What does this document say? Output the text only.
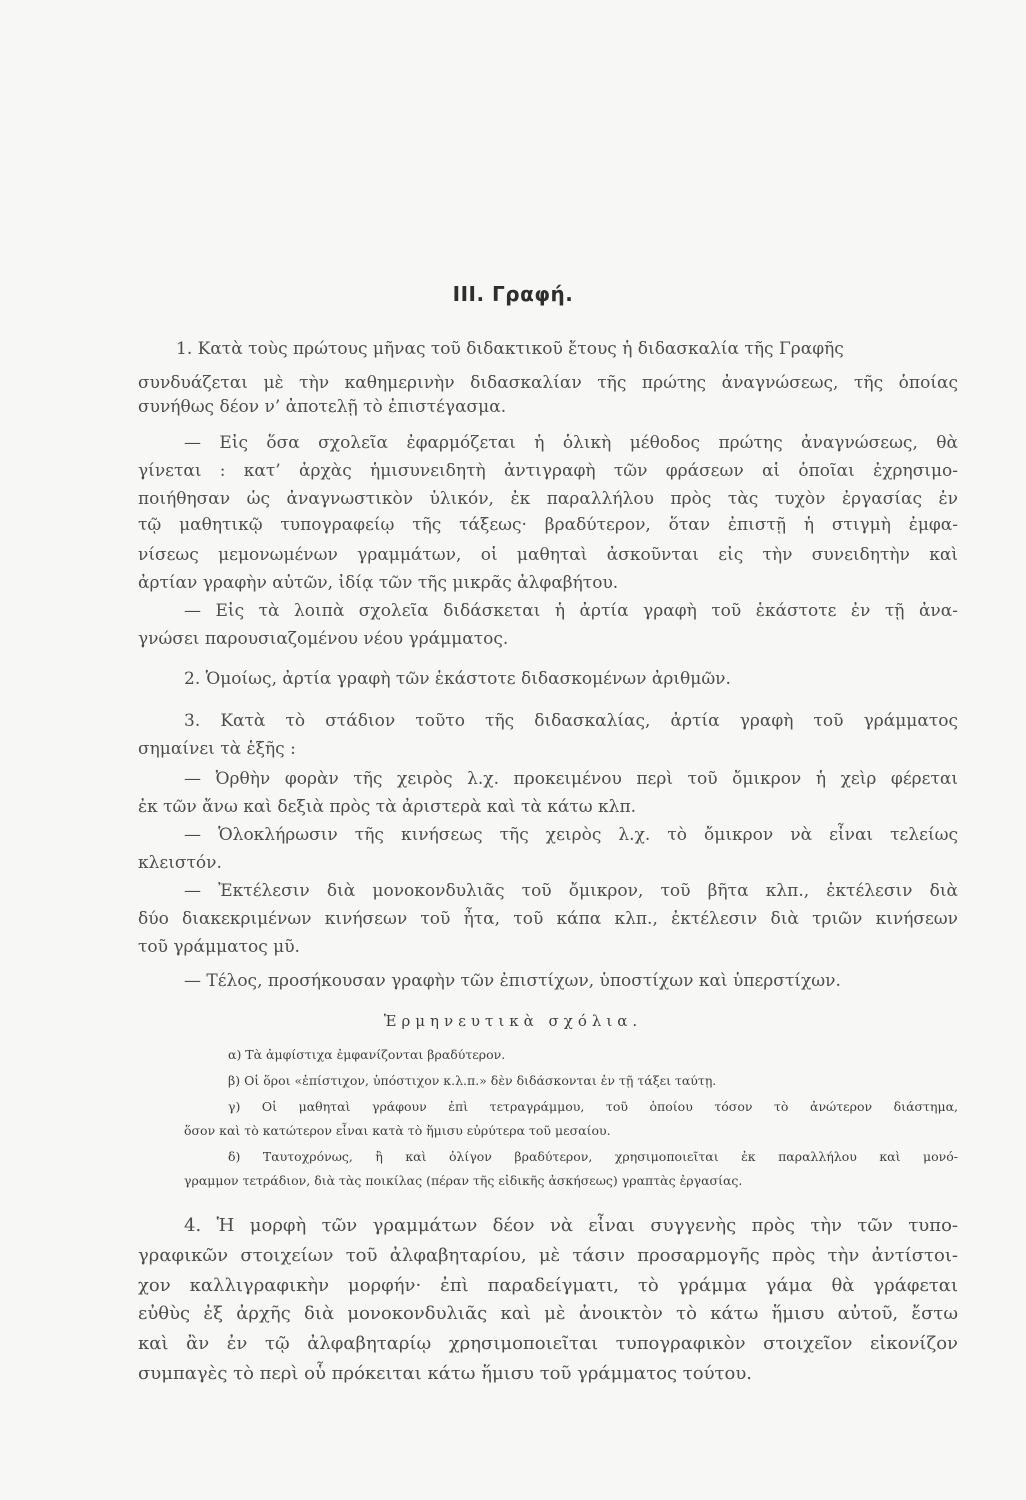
III. Γραφή.
1. Κατὰ τοὺς πρώτους μῆνας τοῦ διδακτικοῦ ἔτους ἡ διδασκαλία τῆς Γραφῆς
συνδυάζεται μὲ τὴν καθημερινὴν διδασκαλίαν τῆς πρώτης ἀναγνώσεως, τῆς ὁποίας
συνήθως δέον ν’ ἀποτελῇ τὸ ἐπιστέγασμα.
— Εἰς ὅσα σχολεῖα ἐφαρμόζεται ἡ ὁλικὴ μέθοδος πρώτης ἀναγνώσεως, θὰ
γίνεται : κατ’ ἀρχὰς ἡμισυνειδητὴ ἀντιγραφὴ τῶν φράσεων αἱ ὁποῖαι ἐχρησιμο-
ποιήθησαν ὡς ἀναγνωστικὸν ὑλικόν, ἐκ παραλλήλου πρὸς τὰς τυχὸν ἐργασίας ἐν
τῷ μαθητικῷ τυπογραφείῳ τῆς τάξεως· βραδύτερον, ὅταν ἐπιστῇ ἡ στιγμὴ ἐμφα-
νίσεως μεμονωμένων γραμμάτων, οἱ μαθηταὶ ἀσκοῦνται εἰς τὴν συνειδητὴν καὶ
ἀρτίαν γραφὴν αὐτῶν, ἰδίᾳ τῶν τῆς μικρᾶς ἀλφαβήτου.
— Εἰς τὰ λοιπὰ σχολεῖα διδάσκεται ἡ ἀρτία γραφὴ τοῦ ἑκάστοτε ἐν τῇ ἀνα-
γνώσει παρουσιαζομένου νέου γράμματος.
2. Ὁμοίως, ἀρτία γραφὴ τῶν ἑκάστοτε διδασκομένων ἀριθμῶν.
3. Κατὰ τὸ στάδιον τοῦτο τῆς διδασκαλίας, ἀρτία γραφὴ τοῦ γράμματος
σημαίνει τὰ ἑξῆς :
— Ὀρθὴν φορὰν τῆς χειρὸς λ.χ. προκειμένου περὶ τοῦ ὄμικρον ἡ χεὶρ φέρεται
ἐκ τῶν ἄνω καὶ δεξιὰ πρὸς τὰ ἀριστερὰ καὶ τὰ κάτω κλπ.
— Ὁλοκλήρωσιν τῆς κινήσεως τῆς χειρὸς λ.χ. τὸ ὄμικρον νὰ εἶναι τελείως
κλειστόν.
— Ἐκτέλεσιν διὰ μονοκονδυλιᾶς τοῦ ὄμικρον, τοῦ βῆτα κλπ., ἐκτέλεσιν διὰ
δύο διακεκριμένων κινήσεων τοῦ ἦτα, τοῦ κάπα κλπ., ἐκτέλεσιν διὰ τριῶν κινήσεων
τοῦ γράμματος μῦ.
— Τέλος, προσήκουσαν γραφὴν τῶν ἐπιστίχων, ὑποστίχων καὶ ὑπερστίχων.
Ἑρμηνευτικὰ σχόλια.
α) Τὰ ἀμφίστιχα ἐμφανίζονται βραδύτερον.
β) Οἱ ὅροι «ἐπίστιχον, ὑπόστιχον κ.λ.π.» δὲν διδάσκονται ἐν τῇ τάξει ταύτῃ.
γ) Οἱ μαθηταὶ γράφουν ἐπὶ τετραγράμμου, τοῦ ὁποίου τόσον τὸ ἀνώτερον διάστημα,
ὅσον καὶ τὸ κατώτερον εἶναι κατὰ τὸ ἥμισυ εὐρύτερα τοῦ μεσαίου.
δ) Ταυτοχρόνως, ἢ καὶ ὀλίγον βραδύτερον, χρησιμοποιεῖται ἐκ παραλλήλου καὶ μονό-
γραμμον τετράδιον, διὰ τὰς ποικίλας (πέραν τῆς εἰδικῆς ἀσκήσεως) γραπτὰς ἐργασίας.
4. Ἡ μορφὴ τῶν γραμμάτων δέον νὰ εἶναι συγγενὴς πρὸς τὴν τῶν τυπο-
γραφικῶν στοιχείων τοῦ ἀλφαβηταρίου, μὲ τάσιν προσαρμογῆς πρὸς τὴν ἀντίστοι-
χον καλλιγραφικὴν μορφήν· ἐπὶ παραδείγματι, τὸ γράμμα γάμα θὰ γράφεται
εὐθὺς ἐξ ἀρχῆς διὰ μονοκονδυλιᾶς καὶ μὲ ἀνοικτὸν τὸ κάτω ἥμισυ αὐτοῦ, ἔστω
καὶ ἂν ἐν τῷ ἀλφαβηταρίῳ χρησιμοποιεῖται τυπογραφικὸν στοιχεῖον εἰκονίζον
συμπαγὲς τὸ περὶ οὗ πρόκειται κάτω ἥμισυ τοῦ γράμματος τούτου.
